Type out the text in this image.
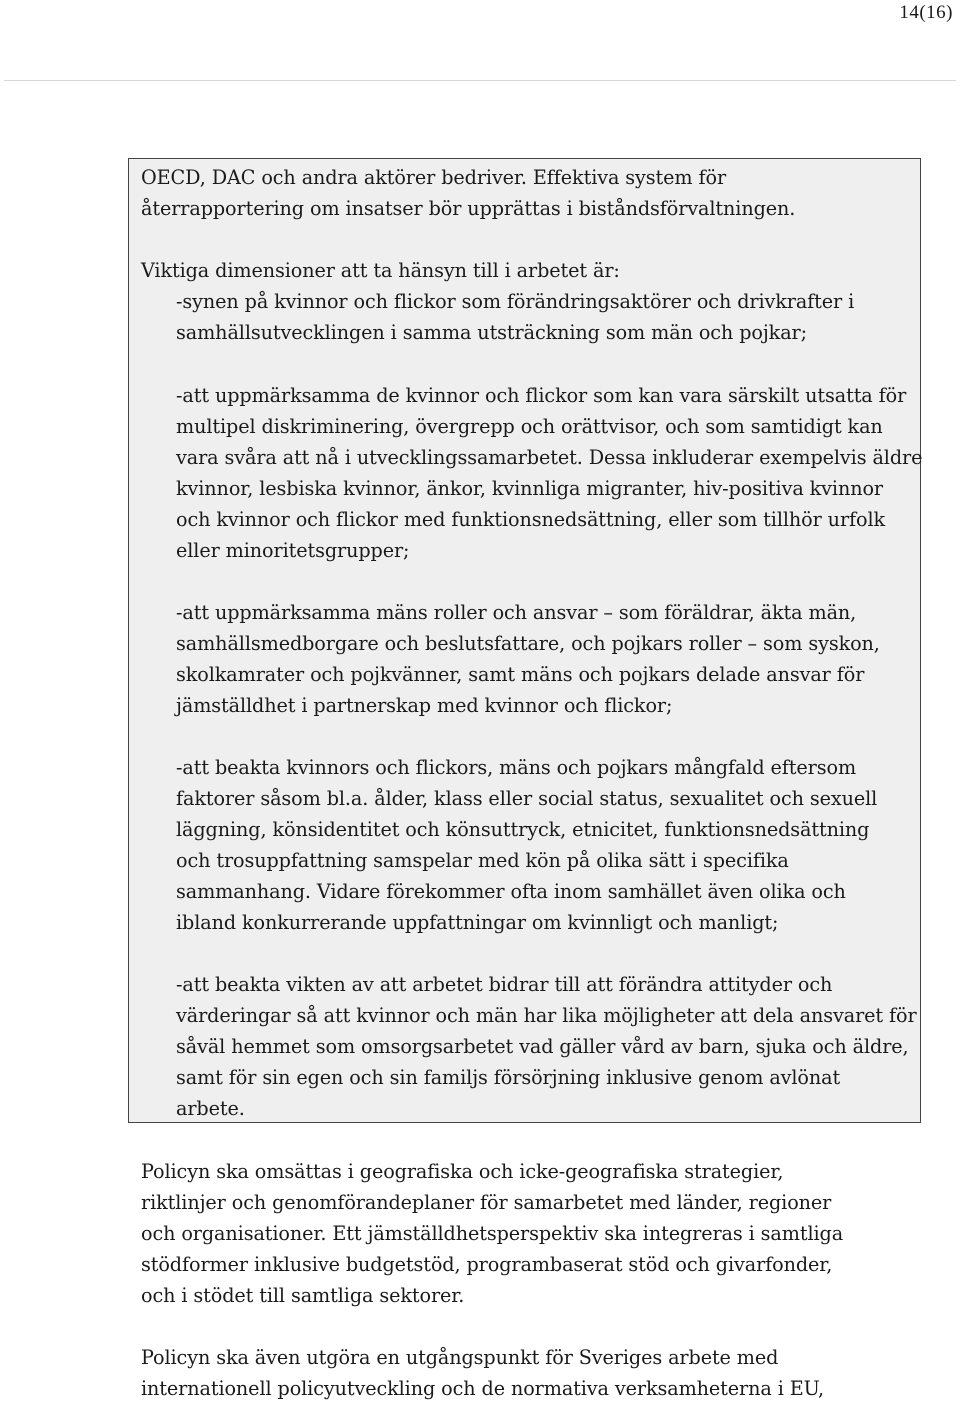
14(16)

OECD, DAC och andra aktörer bedriver. Effektiva system för
återrapportering om insatser bör upprättas i biståndsförvaltningen.

Viktiga dimensioner att ta hänsyn till i arbetet är:

-synen på kvinnor och flickor som förändringsaktörer och drivkrafter i
samhällsutvecklingen i samma utsträckning som män och pojkar;

-att uppmärksamma de kvinnor och flickor som kan vara särskilt utsatta för
multipel diskriminering, övergrepp och orättvisor, och som samtidigt kan
vara svåra att nå i utvecklingssamarbetet. Dessa inkluderar exempelvis äldre
kvinnor, lesbiska kvinnor, änkor, kvinnliga migranter, hiv-positiva kvinnor
och kvinnor och flickor med funktionsnedsättning, eller som tillhör urfolk
eller minoritetsgrupper;

-att uppmärksamma mäns roller och ansvar – som föräldrar, äkta män,
samhällsmedborgare och beslutsfattare, och pojkars roller – som syskon,
skolkamrater och pojkvänner, samt mäns och pojkars delade ansvar för
jämställdhet i partnerskap med kvinnor och flickor;

-att beakta kvinnors och flickors, mäns och pojkars mångfald eftersom
faktorer såsom bl.a. ålder, klass eller social status, sexualitet och sexuell
läggning, könsidentitet och könsuttryck, etnicitet, funktionsnedsättning
och trosuppfattning samspelar med kön på olika sätt i specifika
sammanhang. Vidare förekommer ofta inom samhället även olika och
ibland konkurrerande uppfattningar om kvinnligt och manligt;

-att beakta vikten av att arbetet bidrar till att förändra attityder och
värderingar så att kvinnor och män har lika möjligheter att dela ansvaret för
såväl hemmet som omsorgsarbetet vad gäller vård av barn, sjuka och äldre,
samt för sin egen och sin familjs försörjning inklusive genom avlönat
arbete.

Policyn ska omsättas i geografiska och icke-geografiska strategier,
riktlinjer och genomförandeplaner för samarbetet med länder, regioner
och organisationer. Ett jämställdhetsperspektiv ska integreras i samtliga
stödformer inklusive budgetstöd, programbaserat stöd och givarfonder,
och i stödet till samtliga sektorer.

Policyn ska även utgöra en utgångspunkt för Sveriges arbete med
internationell policyutveckling och de normativa verksamheterna i EU,
